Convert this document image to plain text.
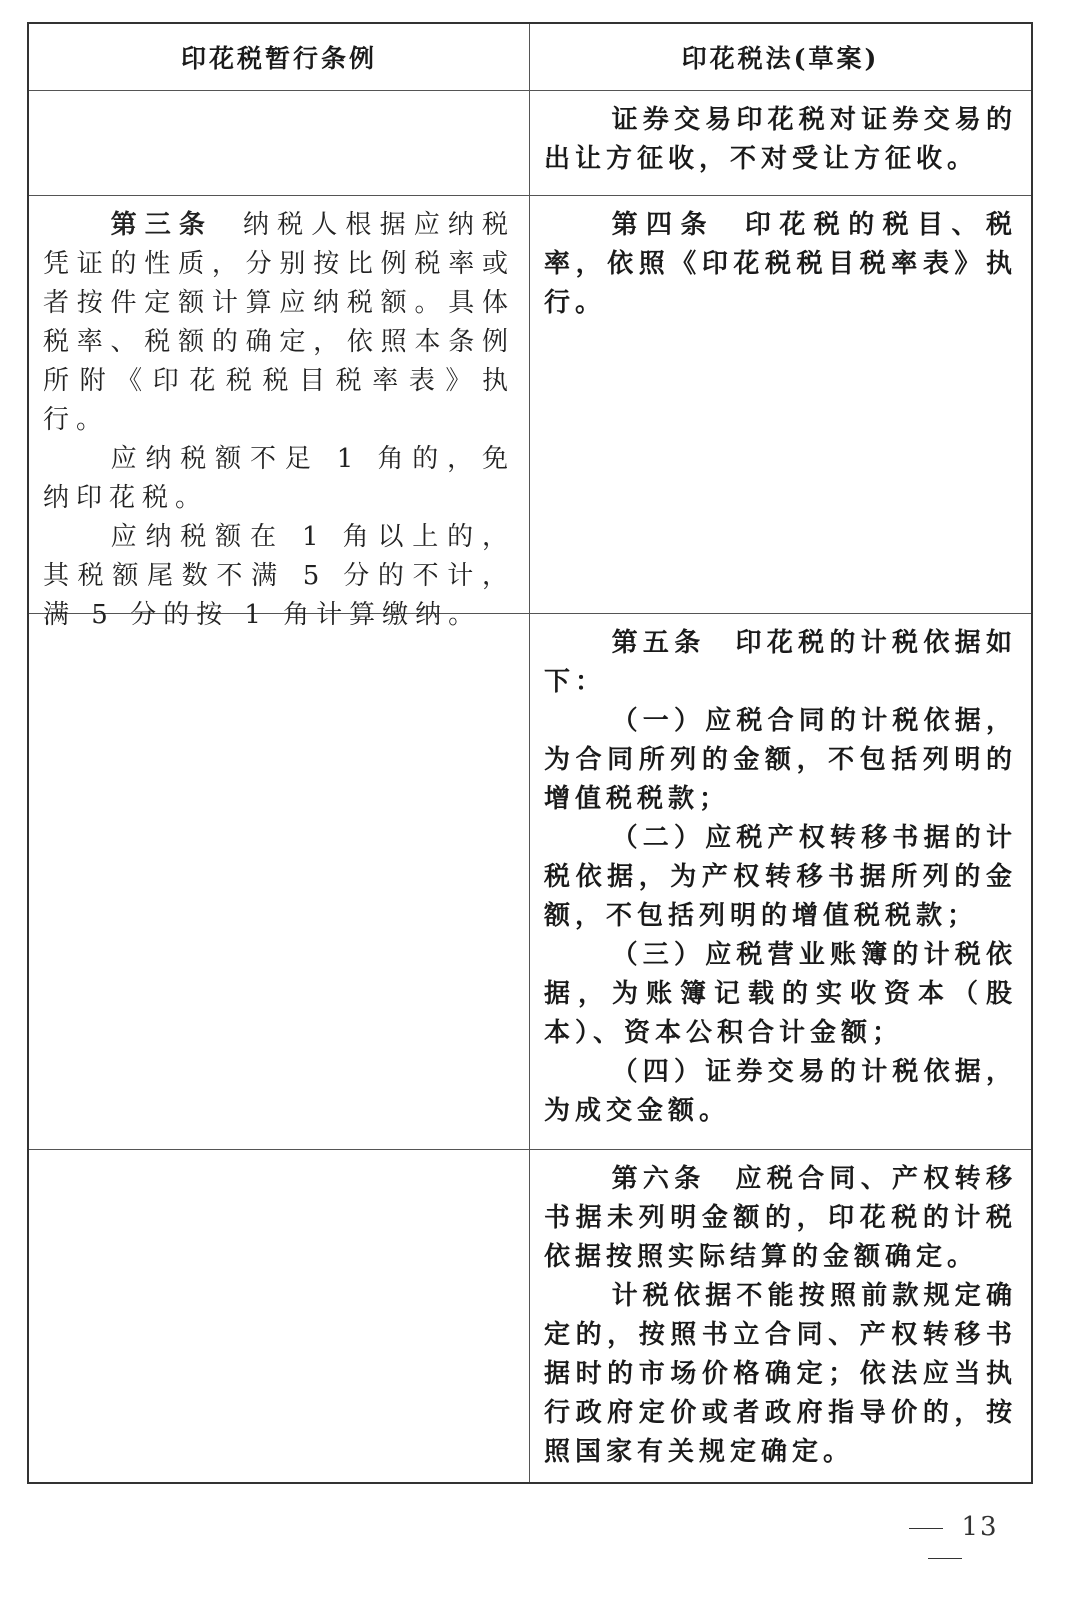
印花税暂行条例	印花税法(草案)

证券交易印花税对证券交易的出让方征收，不对受让方征收。

第三条 纳税人根据应纳税凭证的性质，分别按比例税率或者按件定额计算应纳税额。具体税率、税额的确定，依照本条例所附《印花税税目税率表》执行。

应纳税额不足 1 角的，免纳印花税。

应纳税额在 1 角以上的，其税额尾数不满 5 分的不计，满 5 分的按 1 角计算缴纳。

第四条 印花税的税目、税率，依照《印花税税目税率表》执行。

第五条 印花税的计税依据如下：

（一）应税合同的计税依据，为合同所列的金额，不包括列明的增值税税款；

（二）应税产权转移书据的计税依据，为产权转移书据所列的金额，不包括列明的增值税税款；

（三）应税营业账簿的计税依据，为账簿记载的实收资本（股本）、资本公积合计金额；

（四）证券交易的计税依据，为成交金额。

第六条 应税合同、产权转移书据未列明金额的，印花税的计税依据按照实际结算的金额确定。

计税依据不能按照前款规定确定的，按照书立合同、产权转移书据时的市场价格确定；依法应当执行政府定价或者政府指导价的，按照国家有关规定确定。

13
